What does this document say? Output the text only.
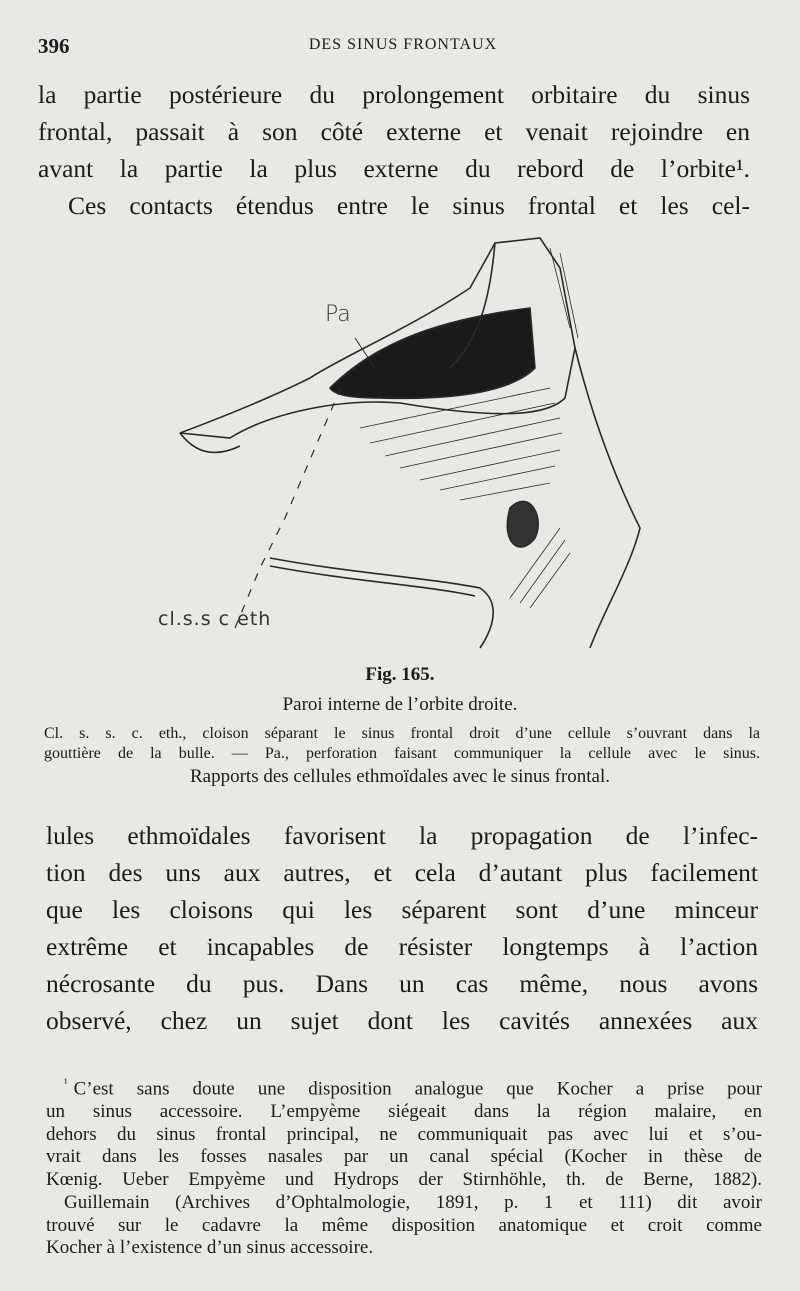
396	DES SINUS FRONTAUX
la partie postérieure du prolongement orbitaire du sinus
frontal, passait à son côté externe et venait rejoindre en
avant la partie la plus externe du rebord de l’orbite¹.
Ces contacts étendus entre le sinus frontal et les cel-
Pa
cl.s.s c eth
Fig. 165.
Paroi interne de l’orbite droite.
Cl. s. s. c. eth., cloison séparant le sinus frontal droit d’une cellule s’ouvrant dans la
gouttière de la bulle. — Pa., perforation faisant communiquer la cellule avec le sinus.
Rapports des cellules ethmoïdales avec le sinus frontal.
lules ethmoïdales favorisent la propagation de l’infec-
tion des uns aux autres, et cela d’autant plus facilement
que les cloisons qui les séparent sont d’une minceur
extrême et incapables de résister longtemps à l’action
nécrosante du pus. Dans un cas même, nous avons
observé, chez un sujet dont les cavités annexées aux
$^{^1}$ C’est sans doute une disposition analogue que Kocher a prise pour
un sinus accessoire. L’empyème siégeait dans la région malaire, en
dehors du sinus frontal principal, ne communiquait pas avec lui et s’ou-
vrait dans les fosses nasales par un canal spécial (Kocher in thèse de
Kœnig. Ueber Empyème und Hydrops der Stirnhöhle, th. de Berne, 1882).
Guillemain (Archives d’Ophtalmologie, 1891, p. 1 et 111) dit avoir
trouvé sur le cadavre la même disposition anatomique et croit comme
Kocher à l’existence d’un sinus accessoire.
